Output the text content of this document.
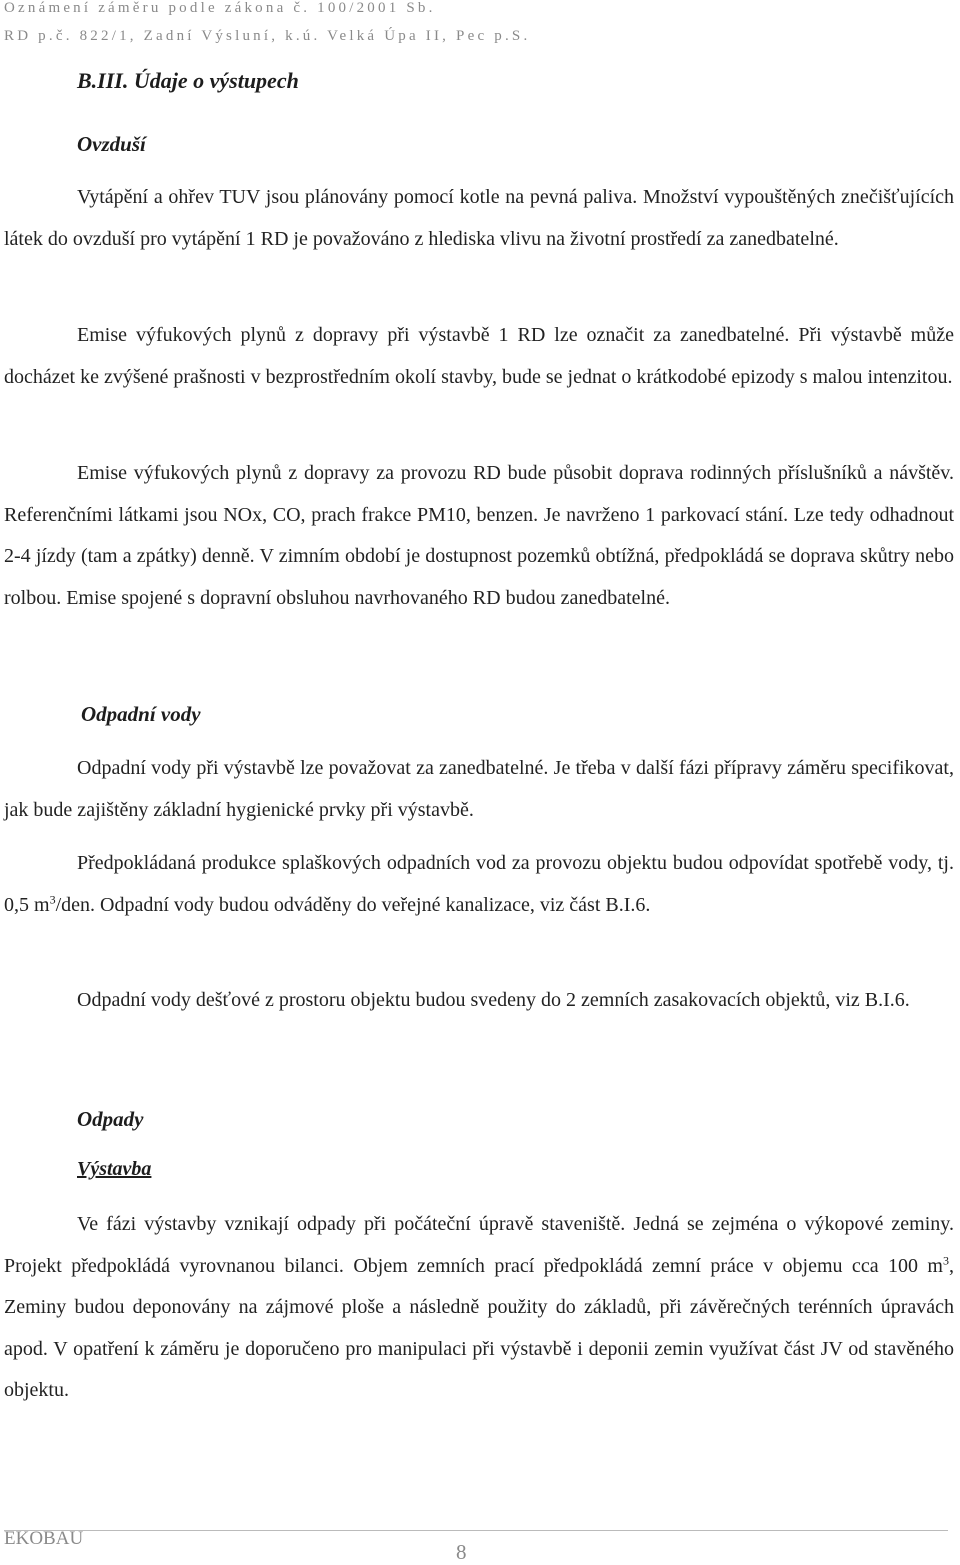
Oznámení záměru podle zákona č. 100/2001 Sb.

RD p.č. 822/1, Zadní Výsluní, k.ú. Velká Úpa II, Pec p.S.

B.III. Údaje o výstupech
Ovzduší

Vytápění a ohřev TUV jsou plánovány pomocí kotle na pevná paliva. Množství vypouštěných znečišťujících látek do ovzduší pro vytápění 1 RD je považováno z hlediska vlivu na životní prostředí za zanedbatelné.

Emise výfukových plynů z dopravy při výstavbě 1 RD lze označit za zanedbatelné. Při výstavbě může docházet ke zvýšené prašnosti v bezprostředním okolí stavby, bude se jednat o krátkodobé epizody s malou intenzitou.

Emise výfukových plynů z dopravy za provozu RD bude působit doprava rodinných příslušníků a návštěv. Referenčními látkami jsou NOx, CO, prach frakce PM10, benzen. Je navrženo 1 parkovací stání. Lze tedy odhadnout 2-4 jízdy (tam a zpátky) denně. V zimním období je dostupnost pozemků obtížná, předpokládá se doprava skůtry nebo rolbou. Emise spojené s dopravní obsluhou navrhovaného RD budou zanedbatelné.

Odpadní vody

Odpadní vody při výstavbě lze považovat za zanedbatelné. Je třeba v další fázi přípravy záměru specifikovat, jak bude zajištěny základní hygienické prvky při výstavbě.

Předpokládaná produkce splaškových odpadních vod za provozu objektu budou odpovídat spotřebě vody, tj. 0,5 $m^3$/den. Odpadní vody budou odváděny do veřejné kanalizace, viz část B.I.6.

Odpadní vody dešťové z prostoru objektu budou svedeny do 2 zemních zasakovacích objektů, viz B.I.6.

Odpady
Výstavba

Ve fázi výstavby vznikají odpady při počáteční úpravě staveniště. Jedná se zejména o výkopové zeminy. Projekt předpokládá vyrovnanou bilanci. Objem zemních prací předpokládá zemní práce v objemu cca 100 $m^3$, Zeminy budou deponovány na zájmové ploše a následně použity do základů, při závěrečných terénních úpravách apod. V opatření k záměru je doporučeno pro manipulaci při výstavbě i deponii zemin využívat část JV od stavěného objektu.

EKOBAU

8
